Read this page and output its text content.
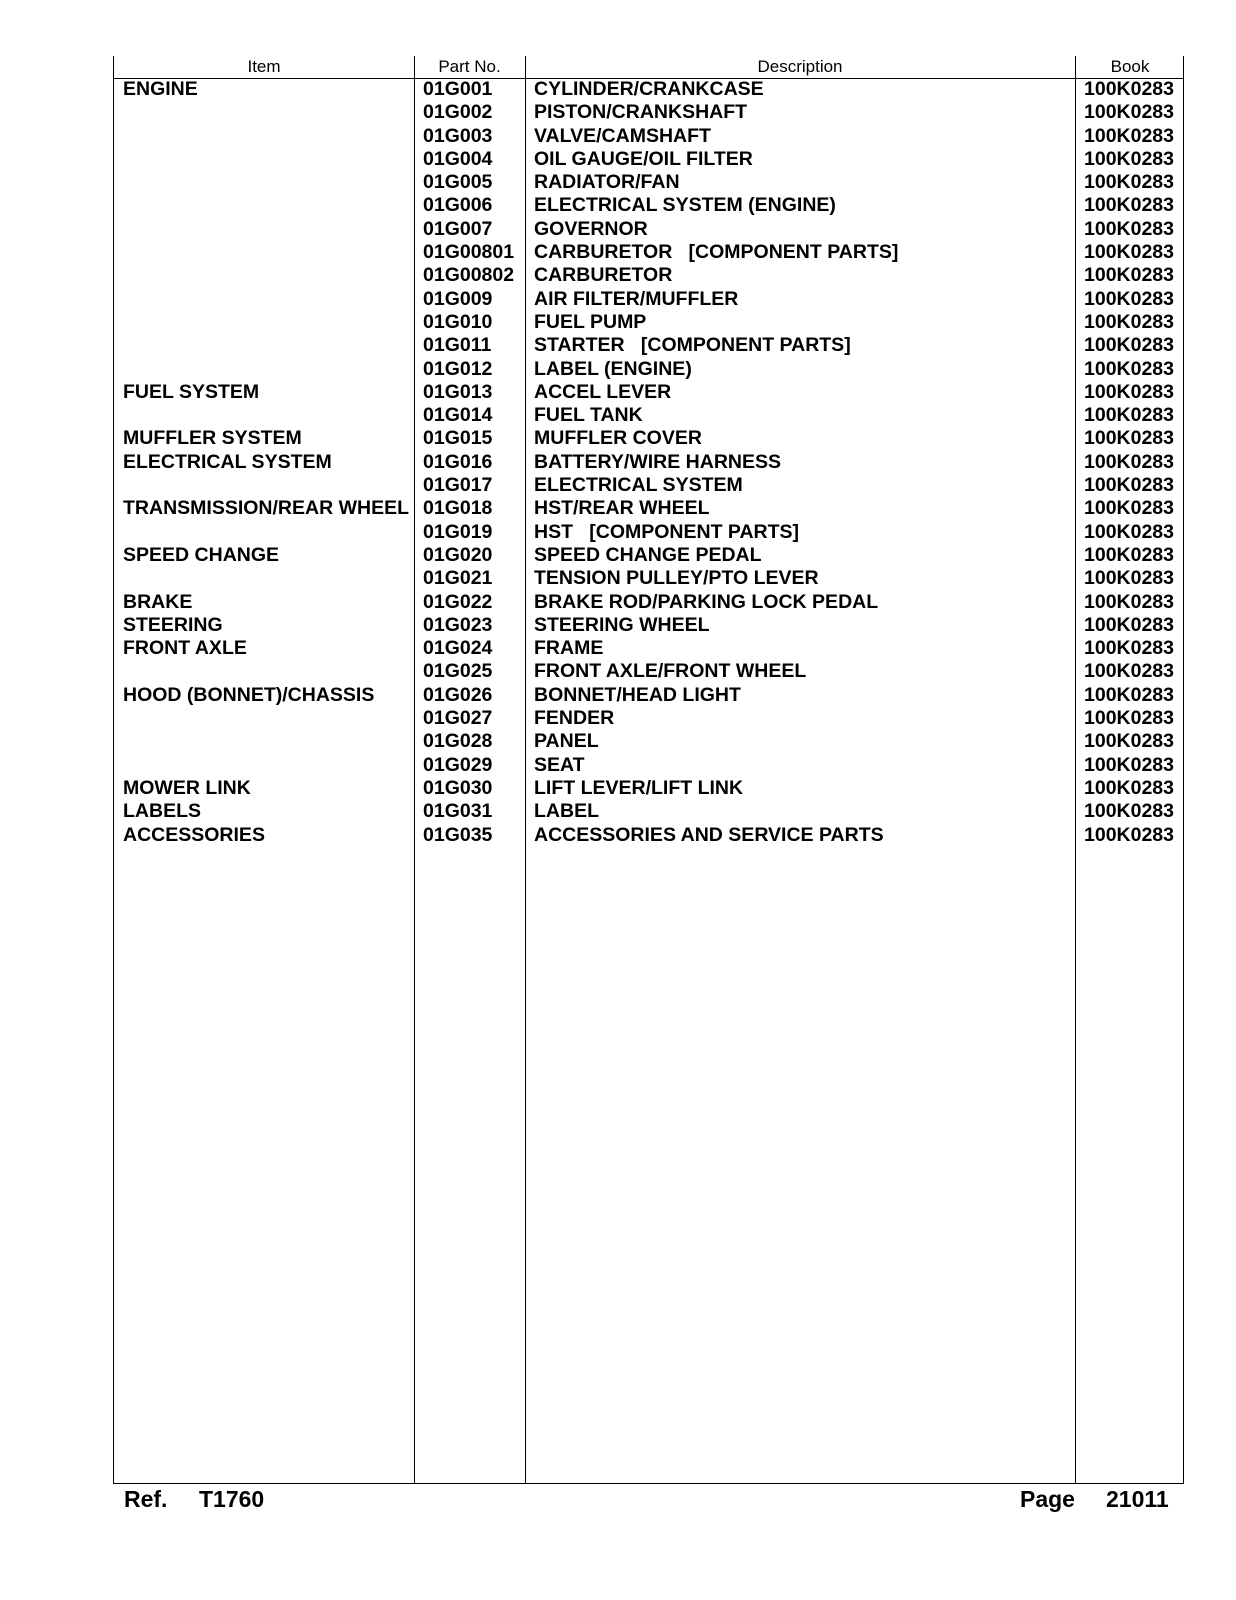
Item	Part No.	Description	Book
ENGINE	01G001 CYLINDER/CRANKCASE	100K0283
01G002 PISTON/CRANKSHAFT	100K0283
01G003 VALVE/CAMSHAFT	100K0283
01G004 OIL GAUGE/OIL FILTER	100K0283
01G005 RADIATOR/FAN	100K0283
01G006 ELECTRICAL SYSTEM (ENGINE)	100K0283
01G007 GOVERNOR	100K0283
01G00801 CARBURETOR   [COMPONENT PARTS]	100K0283
01G00802 CARBURETOR	100K0283
01G009 AIR FILTER/MUFFLER	100K0283
01G010 FUEL PUMP	100K0283
01G011 STARTER   [COMPONENT PARTS]	100K0283
01G012 LABEL (ENGINE)	100K0283
FUEL SYSTEM	01G013 ACCEL LEVER	100K0283
01G014 FUEL TANK	100K0283
MUFFLER SYSTEM	01G015 MUFFLER COVER	100K0283
ELECTRICAL SYSTEM	01G016 BATTERY/WIRE HARNESS	100K0283
01G017 ELECTRICAL SYSTEM	100K0283
TRANSMISSION/REAR WHEEL 01G018 HST/REAR WHEEL	100K0283
01G019 HST   [COMPONENT PARTS]	100K0283
SPEED CHANGE	01G020 SPEED CHANGE PEDAL	100K0283
01G021 TENSION PULLEY/PTO LEVER	100K0283
BRAKE	01G022 BRAKE ROD/PARKING LOCK PEDAL	100K0283
STEERING	01G023 STEERING WHEEL	100K0283
FRONT AXLE	01G024 FRAME	100K0283
01G025 FRONT AXLE/FRONT WHEEL	100K0283
HOOD (BONNET)/CHASSIS 01G026 BONNET/HEAD LIGHT	100K0283
01G027 FENDER	100K0283
01G028 PANEL	100K0283
01G029 SEAT	100K0283
MOWER LINK	01G030 LIFT LEVER/LIFT LINK	100K0283
LABELS	01G031 LABEL	100K0283
ACCESSORIES	01G035 ACCESSORIES AND SERVICE PARTS	100K0283
Ref. T1760	Page 21011
